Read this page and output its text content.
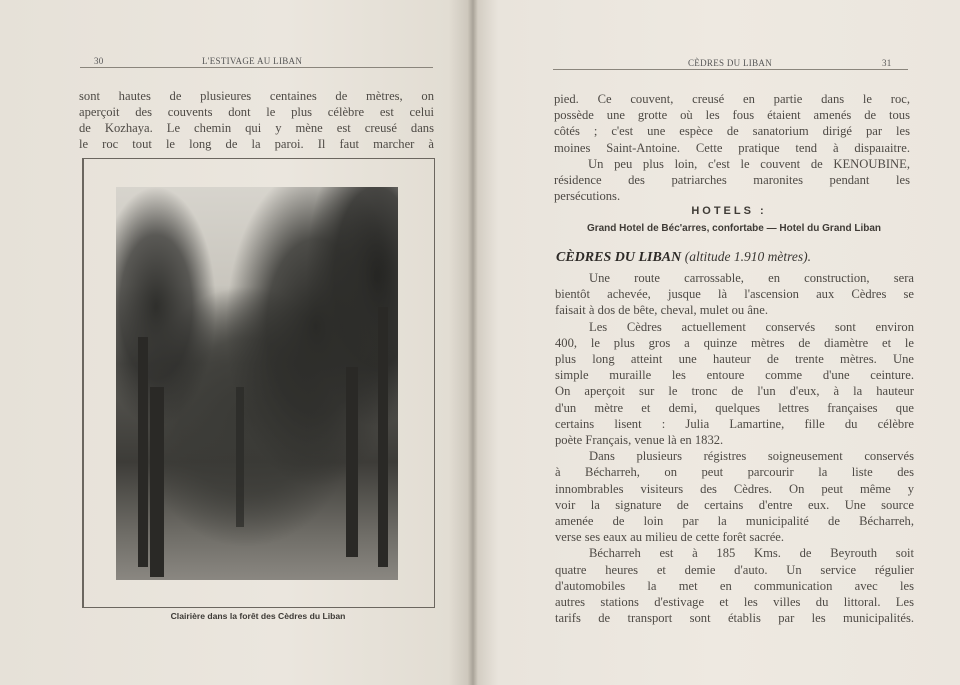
30	L'ESTIVAGE AU LIBAN
sont hautes de plusieures centaines de mètres, on
aperçoit des couvents dont le plus célèbre est celui
de Kozhaya. Le chemin qui y mène est creusé dans
le roc tout le long de la paroi. Il faut marcher à
Clairière dans la forêt des Cèdres du Liban
CÈDRES DU LIBAN	31
pied. Ce couvent, creusé en partie dans le roc,
possède une grotte où les fous étaient amenés de tous
côtés ; c'est une espèce de sanatorium dirigé par les
moines Saint-Antoine. Cette pratique tend à dispaıaitre.
Un peu plus loin, c'est le couvent de KENOUBINE,
résidence des patriarches maronites pendant les
persécutions.
HOTELS :
Grand Hotel de Béc'arres, confortabe — Hotel du Grand Liban
CÈDRES DU LIBAN (altitude 1.910 mètres).
Une route carrossable, en construction, sera
bientôt achevée, jusque là l'ascension aux Cèdres se
faisait à dos de bête, cheval, mulet ou âne.
Les Cèdres actuellement conservés sont environ
400, le plus gros a quinze mètres de diamètre et le
plus long atteint une hauteur de trente mètres. Une
simple muraille les entoure comme d'une ceinture.
On aperçoit sur le tronc de l'un d'eux, à la hauteur
d'un mètre et demi, quelques lettres françaises que
certains lisent : Julia Lamartine, fille du célèbre
poète Français, venue là en 1832.
Dans plusieurs régistres soigneusement conservés
à Bécharreh, on peut parcourir la liste des
innombrables visiteurs des Cèdres. On peut même y
voir la signature de certains d'entre eux. Une source
amenée de loin par la municipalité de Bécharreh,
verse ses eaux au milieu de cette forêt sacrée.
Bécharreh est à 185 Kms. de Beyrouth soit
quatre heures et demie d'auto. Un service régulier
d'automobiles la met en communication avec les
autres stations d'estivage et les villes du littoral. Les
tarifs de transport sont établis par les municipalités.
